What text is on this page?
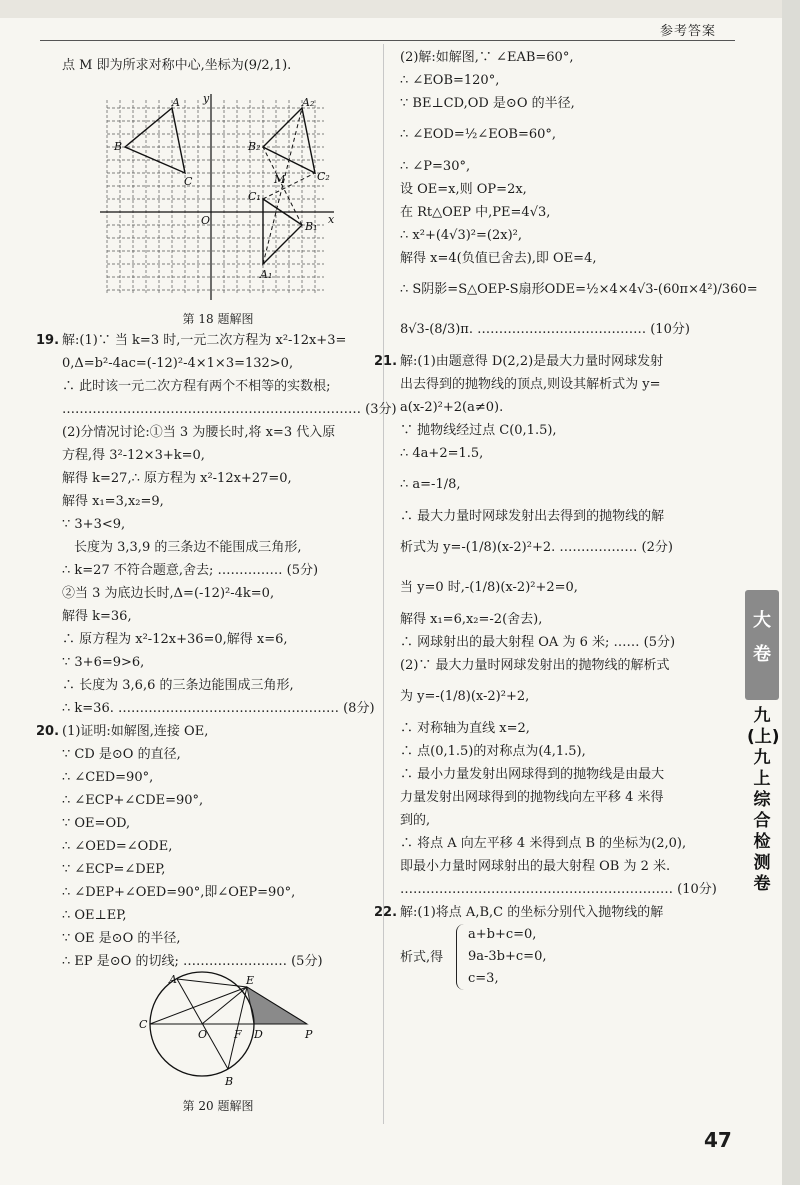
参考答案
点 M 即为所求对称中心,坐标为(9/2,1).
y
x
O
A
B
C
A₁
B₁
C₁
A₂
B₂
C₂
M
第 18 题解图
19. 解:(1)∵ 当 k=3 时,一元二次方程为 x²-12x+3=
0,Δ=b²-4ac=(-12)²-4×1×3=132>0,
∴ 此时该一元二次方程有两个不相等的实数根;
…………………………………………………………… (3分)
(2)分情况讨论:①当 3 为腰长时,将 x=3 代入原
方程,得 3²-12×3+k=0,
解得 k=27,∴ 原方程为 x²-12x+27=0,
解得 x₁=3,x₂=9,
∵ 3+3<9,
长度为 3,3,9 的三条边不能围成三角形,
∴ k=27 不符合题意,舍去; …………… (5分)
②当 3 为底边长时,Δ=(-12)²-4k=0,
解得 k=36,
∴ 原方程为 x²-12x+36=0,解得 x=6,
∵ 3+6=9>6,
∴ 长度为 3,6,6 的三条边能围成三角形,
∴ k=36. …………………………………………… (8分)
20. (1)证明:如解图,连接 OE,
∵ CD 是⊙O 的直径,
∴ ∠CED=90°,
∴ ∠ECP+∠CDE=90°,
∵ OE=OD,
∴ ∠OED=∠ODE,
∵ ∠ECP=∠DEP,
∴ ∠DEP+∠OED=90°,即∠OEP=90°,
∴ OE⊥EP,
∵ OE 是⊙O 的半径,
∴ EP 是⊙O 的切线; …………………… (5分)
A	E
C
O F D	P
B
第 20 题解图
(2)解:如解图,∵ ∠EAB=60°,
∴ ∠EOB=120°,
∵ BE⊥CD,OD 是⊙O 的半径,
∴ ∠EOD=½∠EOB=60°,
∴ ∠P=30°,
设 OE=x,则 OP=2x,
在 Rt△OEP 中,PE=4√3,
∴ x²+(4√3)²=(2x)²,
解得 x=4(负值已舍去),即 OE=4,
∴ S阴影=S△OEP-S扇形ODE=½×4×4√3-(60π×4²)/360=
8√3-(8/3)π. ………………………………… (10分)
21. 解:(1)由题意得 D(2,2)是最大力量时网球发射
出去得到的抛物线的顶点,则设其解析式为 y=
a(x-2)²+2(a≠0).
∵ 抛物线经过点 C(0,1.5),
∴ 4a+2=1.5,
∴ a=-1/8,
∴ 最大力量时网球发射出去得到的抛物线的解
析式为 y=-(1/8)(x-2)²+2. ……………… (2分)
当 y=0 时,-(1/8)(x-2)²+2=0,
解得 x₁=6,x₂=-2(舍去),
∴ 网球射出的最大射程 OA 为 6 米; …… (5分)
(2)∵ 最大力量时网球发射出的抛物线的解析式
为 y=-(1/8)(x-2)²+2,
∴ 对称轴为直线 x=2,
∴ 点(0,1.5)的对称点为(4,1.5),
∴ 最小力量发射出网球得到的抛物线是由最大
力量发射出网球得到的抛物线向左平移 4 米得
到的,
∴ 将点 A 向左平移 4 米得到点 B 的坐标为(2,0),
即最小力量时网球射出的最大射程 OB 为 2 米.
……………………………………………………… (10分)
22. 解:(1)将点 A,B,C 的坐标分别代入抛物线的解
析式,得
a+b+c=0,
9a-3b+c=0,
c=3,
大卷
九(上) 九上综合检测卷
47
